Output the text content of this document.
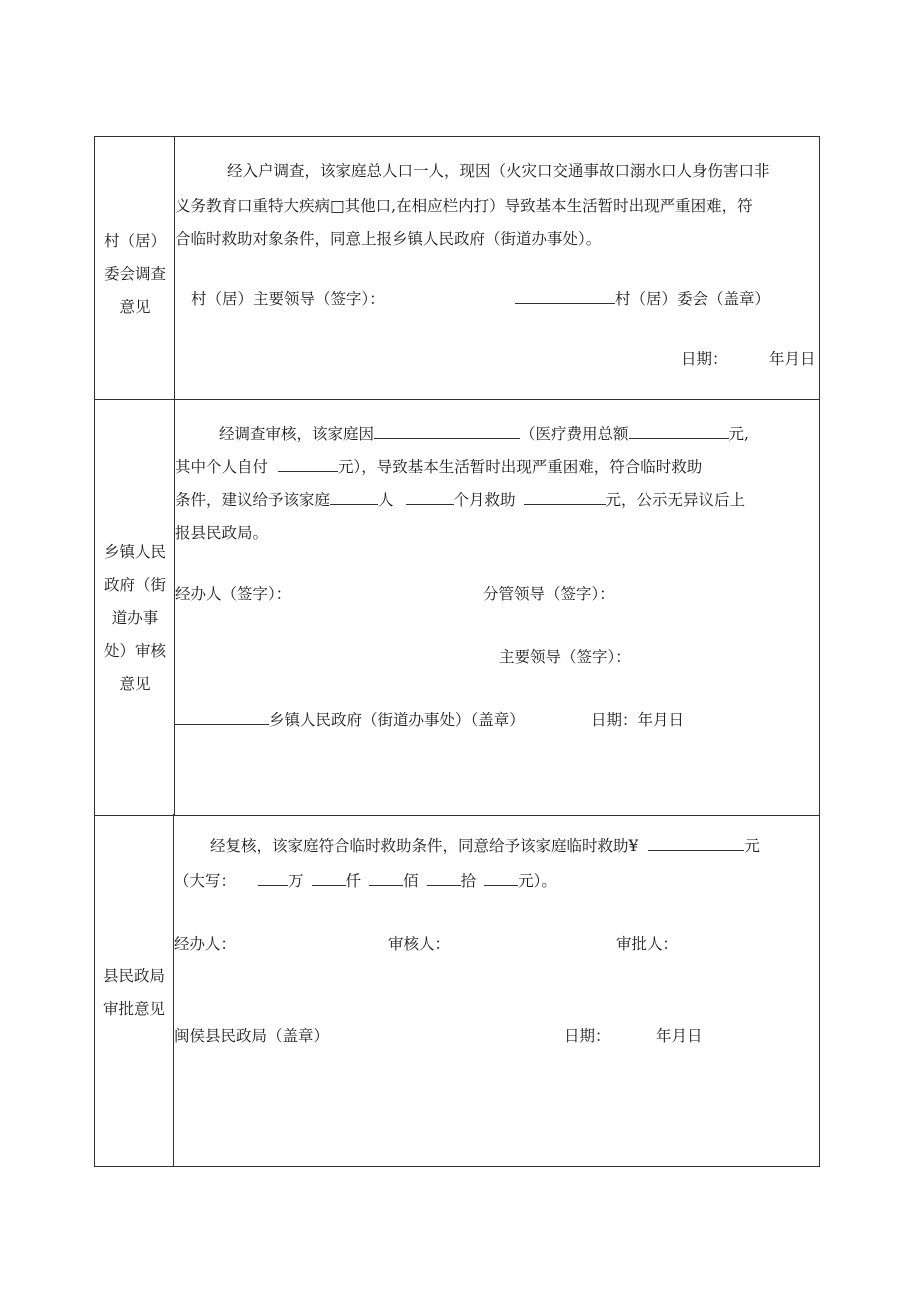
村（居）
委会调查
意见
经入户调查，该家庭总人口一人，现因（火灾口交通事故口溺水口人身伤害口非
义务教育口重特大疾病□其他口,在相应栏内打）导致基本生活暂时出现严重困难，符
合临时救助对象条件，同意上报乡镇人民政府（街道办事处）。
村（居）主要领导（签字）：	村（居）委会（盖章）
日期：	年月日
乡镇人民
政府（街
道办事
处）审核
意见
经调查审核，该家庭因	（医疗费用总额	元,
其中个人自付	元），导致基本生活暂时出现严重困难，符合临时救助
条件，建议给予该家庭	人	个月救助	元，公示无异议后上
报县民政局。
经办人（签字）：	分管领导（签字）：
主要领导（签字）：
乡镇人民政府（街道办事处）（盖章）	日期：年月日
县民政局
审批意见
经复核，该家庭符合临时救助条件，同意给予该家庭临时救助¥	元
（大写：	万	仟	佰	拾	元）。
经办人：	审核人：	审批人：
闽侯县民政局（盖章）	日期：	年月日
